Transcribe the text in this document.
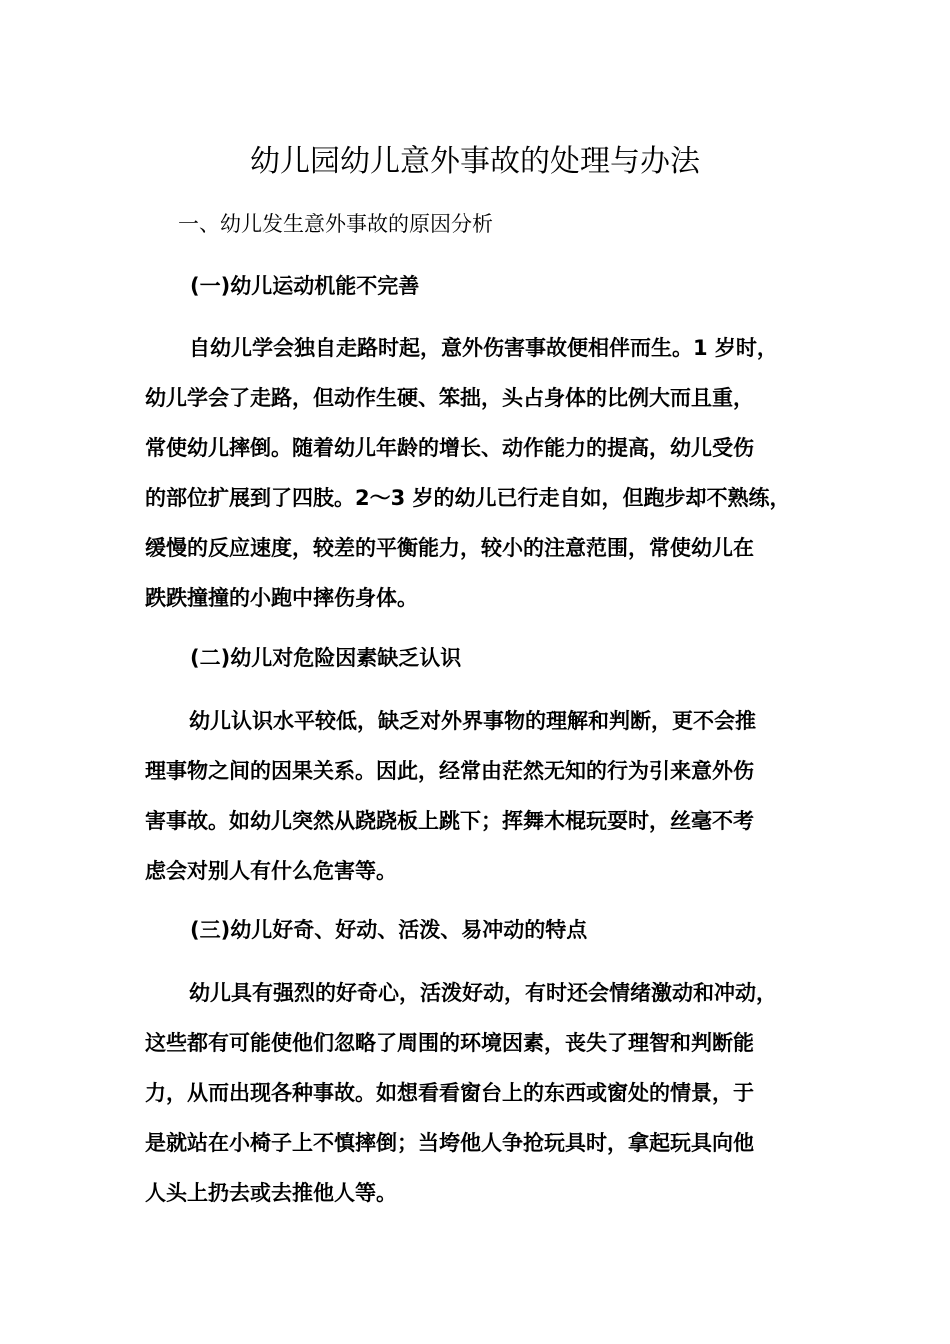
幼儿园幼儿意外事故的处理与办法

一、幼儿发生意外事故的原因分析

(一)幼儿运动机能不完善

自幼儿学会独自走路时起，意外伤害事故便相伴而生。1 岁时，
幼儿学会了走路，但动作生硬、笨拙，头占身体的比例大而且重，
常使幼儿摔倒。随着幼儿年龄的增长、动作能力的提高，幼儿受伤
的部位扩展到了四肢。2～3 岁的幼儿已行走自如，但跑步却不熟练，
缓慢的反应速度，较差的平衡能力，较小的注意范围，常使幼儿在
跌跌撞撞的小跑中摔伤身体。

(二)幼儿对危险因素缺乏认识

幼儿认识水平较低，缺乏对外界事物的理解和判断，更不会推
理事物之间的因果关系。因此，经常由茫然无知的行为引来意外伤
害事故。如幼儿突然从跷跷板上跳下；挥舞木棍玩耍时，丝毫不考
虑会对别人有什么危害等。

(三)幼儿好奇、好动、活泼、易冲动的特点

幼儿具有强烈的好奇心，活泼好动，有时还会情绪激动和冲动，
这些都有可能使他们忽略了周围的环境因素，丧失了理智和判断能
力，从而出现各种事故。如想看看窗台上的东西或窗处的情景，于
是就站在小椅子上不慎摔倒；当垮他人争抢玩具时，拿起玩具向他
人头上扔去或去推他人等。
